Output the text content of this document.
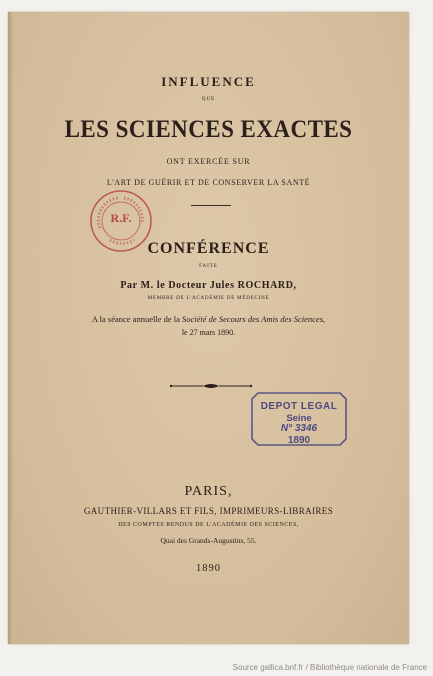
INFLUENCE
QUE
LES SCIENCES EXACTES
ONT EXERCÉE SUR
L'ART DE GUÉRIR ET DE CONSERVER LA SANTÉ
CONFÉRENCE
FAITE
Par M. le Docteur Jules ROCHARD,
MEMBRE DE L'ACADÉMIE DE MÉDECINE
A la séance annuelle de la Société de Secours des Amis des Sciences,
le 27 mars 1890.
PARIS,
GAUTHIER-VILLARS ET FILS, IMPRIMEURS-LIBRAIRES
DES COMPTES RENDUS DE L'ACADÉMIE DES SCIENCES,
Quai des Grands-Augustins, 55.
1890
R.F.
DEPOT LEGAL
Seine
N° 3346
1890
Source gallica.bnf.fr / Bibliothèque nationale de France
